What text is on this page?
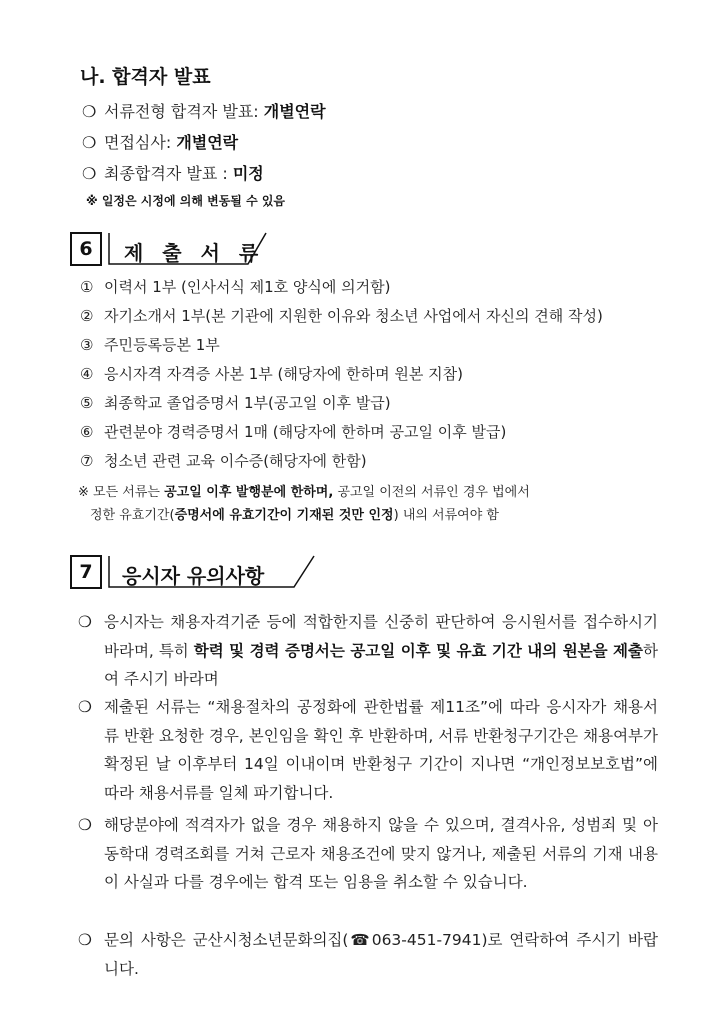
나. 합격자 발표
❍ 서류전형 합격자 발표: 개별연락
❍ 면접심사: 개별연락
❍ 최종합격자 발표 : 미정
※ 일정은 시정에 의해 변동될 수 있음
6	제 출 서 류
① 이력서 1부 (인사서식 제1호 양식에 의거함)
② 자기소개서 1부(본 기관에 지원한 이유와 청소년 사업에서 자신의 견해 작성)
③ 주민등록등본 1부
④ 응시자격 자격증 사본 1부 (해당자에 한하며 원본 지참)
⑤ 최종학교 졸업증명서 1부(공고일 이후 발급)
⑥ 관련분야 경력증명서 1매 (해당자에 한하며 공고일 이후 발급)
⑦ 청소년 관련 교육 이수증(해당자에 한함)
※ 모든 서류는 공고일 이후 발행분에 한하며, 공고일 이전의 서류인 경우 법에서
정한 유효기간(증명서에 유효기간이 기재된 것만 인정) 내의 서류여야 함
7	응시자 유의사항
❍ 응시자는 채용자격기준 등에 적합한지를 신중히 판단하여 응시원서를 접수하시기 바라며, 특히 학력 및 경력 증명서는 공고일 이후 및 유효 기간 내의 원본을 제출하여 주시기 바라며
❍ 제출된 서류는 “채용절차의 공정화에 관한법률 제11조”에 따라 응시자가 채용서류 반환 요청한 경우, 본인임을 확인 후 반환하며, 서류 반환청구기간은 채용여부가 확정된 날 이후부터 14일 이내이며 반환청구 기간이 지나면 “개인정보보호법”에 따라 채용서류를 일체 파기합니다.
❍ 해당분야에 적격자가 없을 경우 채용하지 않을 수 있으며, 결격사유, 성범죄 및 아동학대 경력조회를 거쳐 근로자 채용조건에 맞지 않거나, 제출된 서류의 기재 내용이 사실과 다를 경우에는 합격 또는 임용을 취소할 수 있습니다.
❍ 문의 사항은 군산시청소년문화의집(☎063-451-7941)로 연락하여 주시기 바랍니다.
